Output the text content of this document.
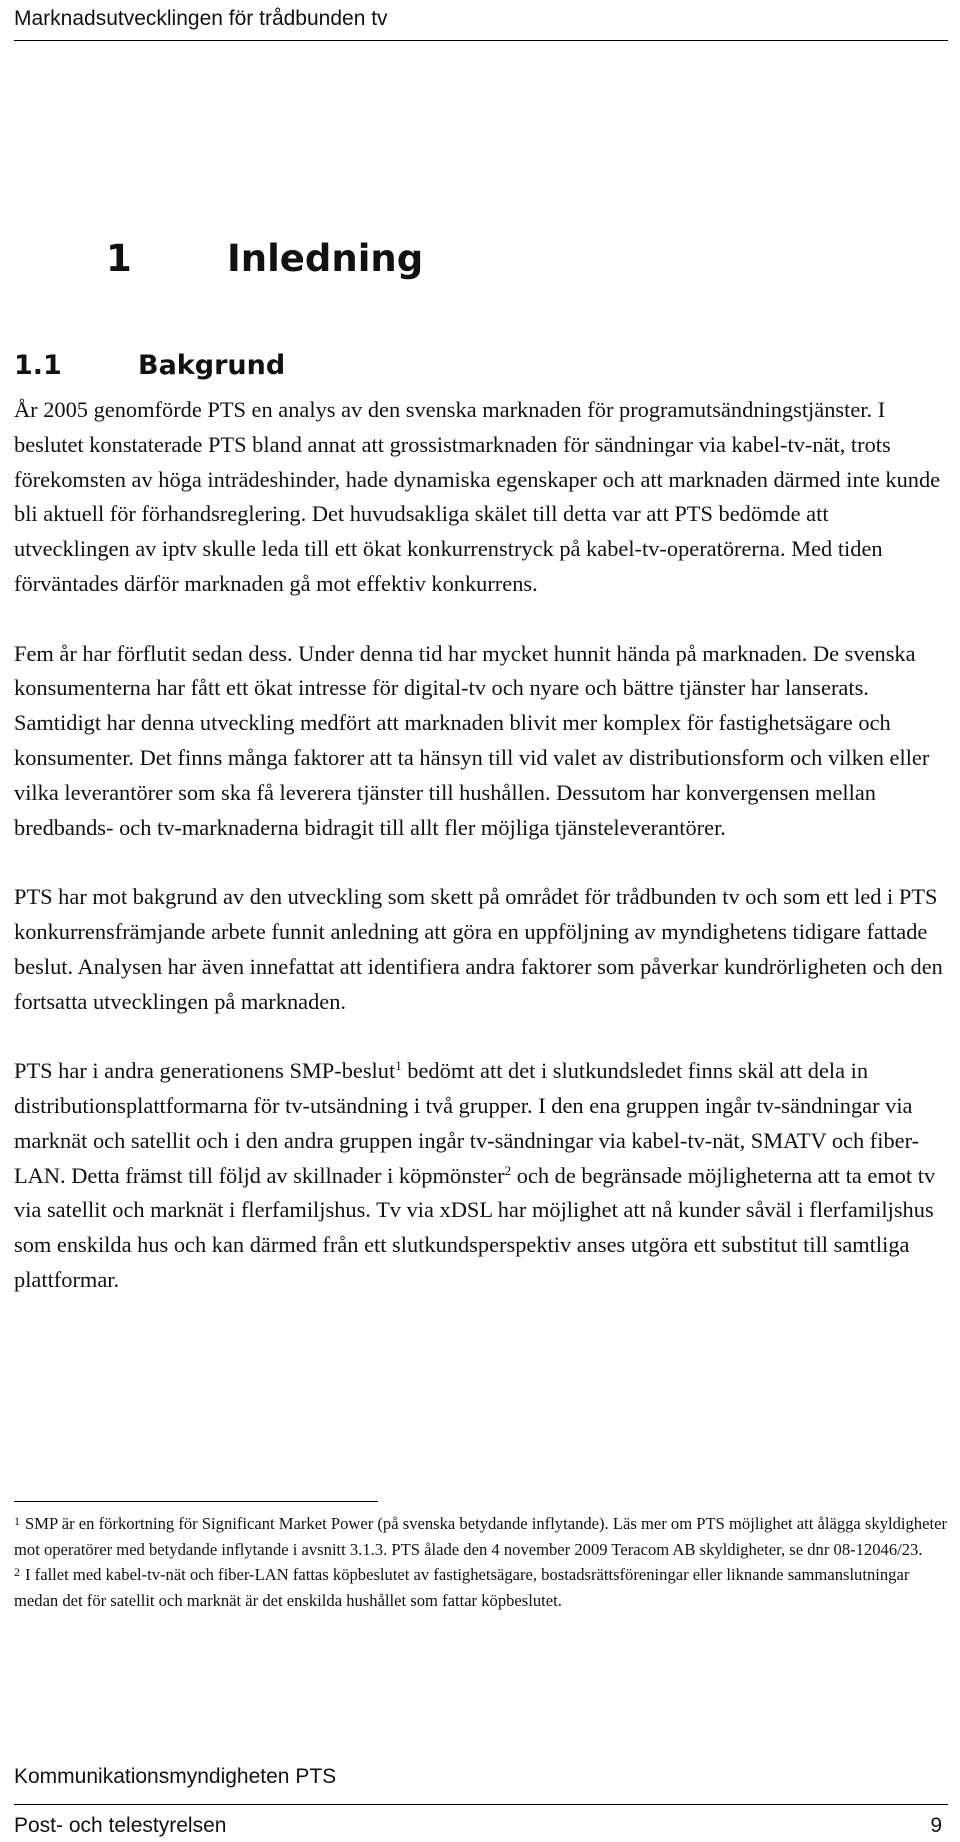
Marknadsutvecklingen för trådbunden tv
1	Inledning
1.1	Bakgrund

År 2005 genomförde PTS en analys av den svenska marknaden för programutsändningstjänster. I beslutet konstaterade PTS bland annat att grossistmarknaden för sändningar via kabel-tv-nät, trots förekomsten av höga inträdeshinder, hade dynamiska egenskaper och att marknaden därmed inte kunde bli aktuell för förhandsreglering. Det huvudsakliga skälet till detta var att PTS bedömde att utvecklingen av iptv skulle leda till ett ökat konkurrenstryck på kabel-tv-operatörerna. Med tiden förväntades därför marknaden gå mot effektiv konkurrens.

Fem år har förflutit sedan dess. Under denna tid har mycket hunnit hända på marknaden. De svenska konsumenterna har fått ett ökat intresse för digital-tv och nyare och bättre tjänster har lanserats. Samtidigt har denna utveckling medfört att marknaden blivit mer komplex för fastighetsägare och konsumenter. Det finns många faktorer att ta hänsyn till vid valet av distributionsform och vilken eller vilka leverantörer som ska få leverera tjänster till hushållen. Dessutom har konvergensen mellan bredbands- och tv-marknaderna bidragit till allt fler möjliga tjänsteleverantörer.

PTS har mot bakgrund av den utveckling som skett på området för trådbunden tv och som ett led i PTS konkurrensfrämjande arbete funnit anledning att göra en uppföljning av myndighetens tidigare fattade beslut. Analysen har även innefattat att identifiera andra faktorer som påverkar kundrörligheten och den fortsatta utvecklingen på marknaden.

PTS har i andra generationens SMP-beslut$^1$ bedömt att det i slutkundsledet finns skäl att dela in distributionsplattformarna för tv-utsändning i två grupper. I den ena gruppen ingår tv-sändningar via marknät och satellit och i den andra gruppen ingår tv-sändningar via kabel-tv-nät, SMATV och fiber-LAN. Detta främst till följd av skillnader i köpmönster$^2$ och de begränsade möjligheterna att ta emot tv via satellit och marknät i flerfamiljshus. Tv via xDSL har möjlighet att nå kunder såväl i flerfamiljshus som enskilda hus och kan därmed från ett slutkundsperspektiv anses utgöra ett substitut till samtliga plattformar.

$^1$ SMP är en förkortning för Significant Market Power (på svenska betydande inflytande). Läs mer om PTS möjlighet att ålägga skyldigheter mot operatörer med betydande inflytande i avsnitt 3.1.3. PTS ålade den 4 november 2009 Teracom AB skyldigheter, se dnr 08-12046/23.

$^2$ I fallet med kabel-tv-nät och fiber-LAN fattas köpbeslutet av fastighetsägare, bostadsrättsföreningar eller liknande sammanslutningar medan det för satellit och marknät är det enskilda hushållet som fattar köpbeslutet.

Kommunikationsmyndigheten PTS
Post- och telestyrelsen	9
